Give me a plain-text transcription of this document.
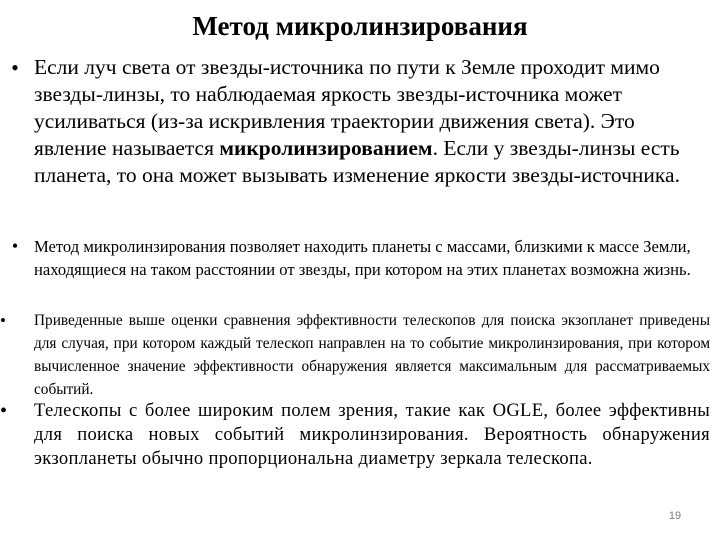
Метод микролинзирования
• Если луч света от звезды-источника по пути к Земле проходит мимо звезды-линзы, то наблюдаемая яркость звезды-источника может усиливаться (из-за искривления траектории движения света). Это явление называется микролинзированием. Если у звезды-линзы есть планета, то она может вызывать изменение яркости звезды-источника.
• Метод микролинзирования позволяет находить планеты с массами, близкими к массе Земли, находящиеся на таком расстоянии от звезды, при котором на этих планетах возможна жизнь.
•	Приведенные выше оценки сравнения эффективности телескопов для поиска экзопланет приведены для случая, при котором каждый телескоп направлен на то событие микролинзирования, при котором вычисленное значение эффективности обнаружения является максимальным для рассматриваемых событий.
•	Телескопы с более широким полем зрения, такие как OGLE, более эффективны для поиска новых событий микролинзирования. Вероятность обнаружения экзопланеты обычно пропорциональна диаметру зеркала телескопа.
19
